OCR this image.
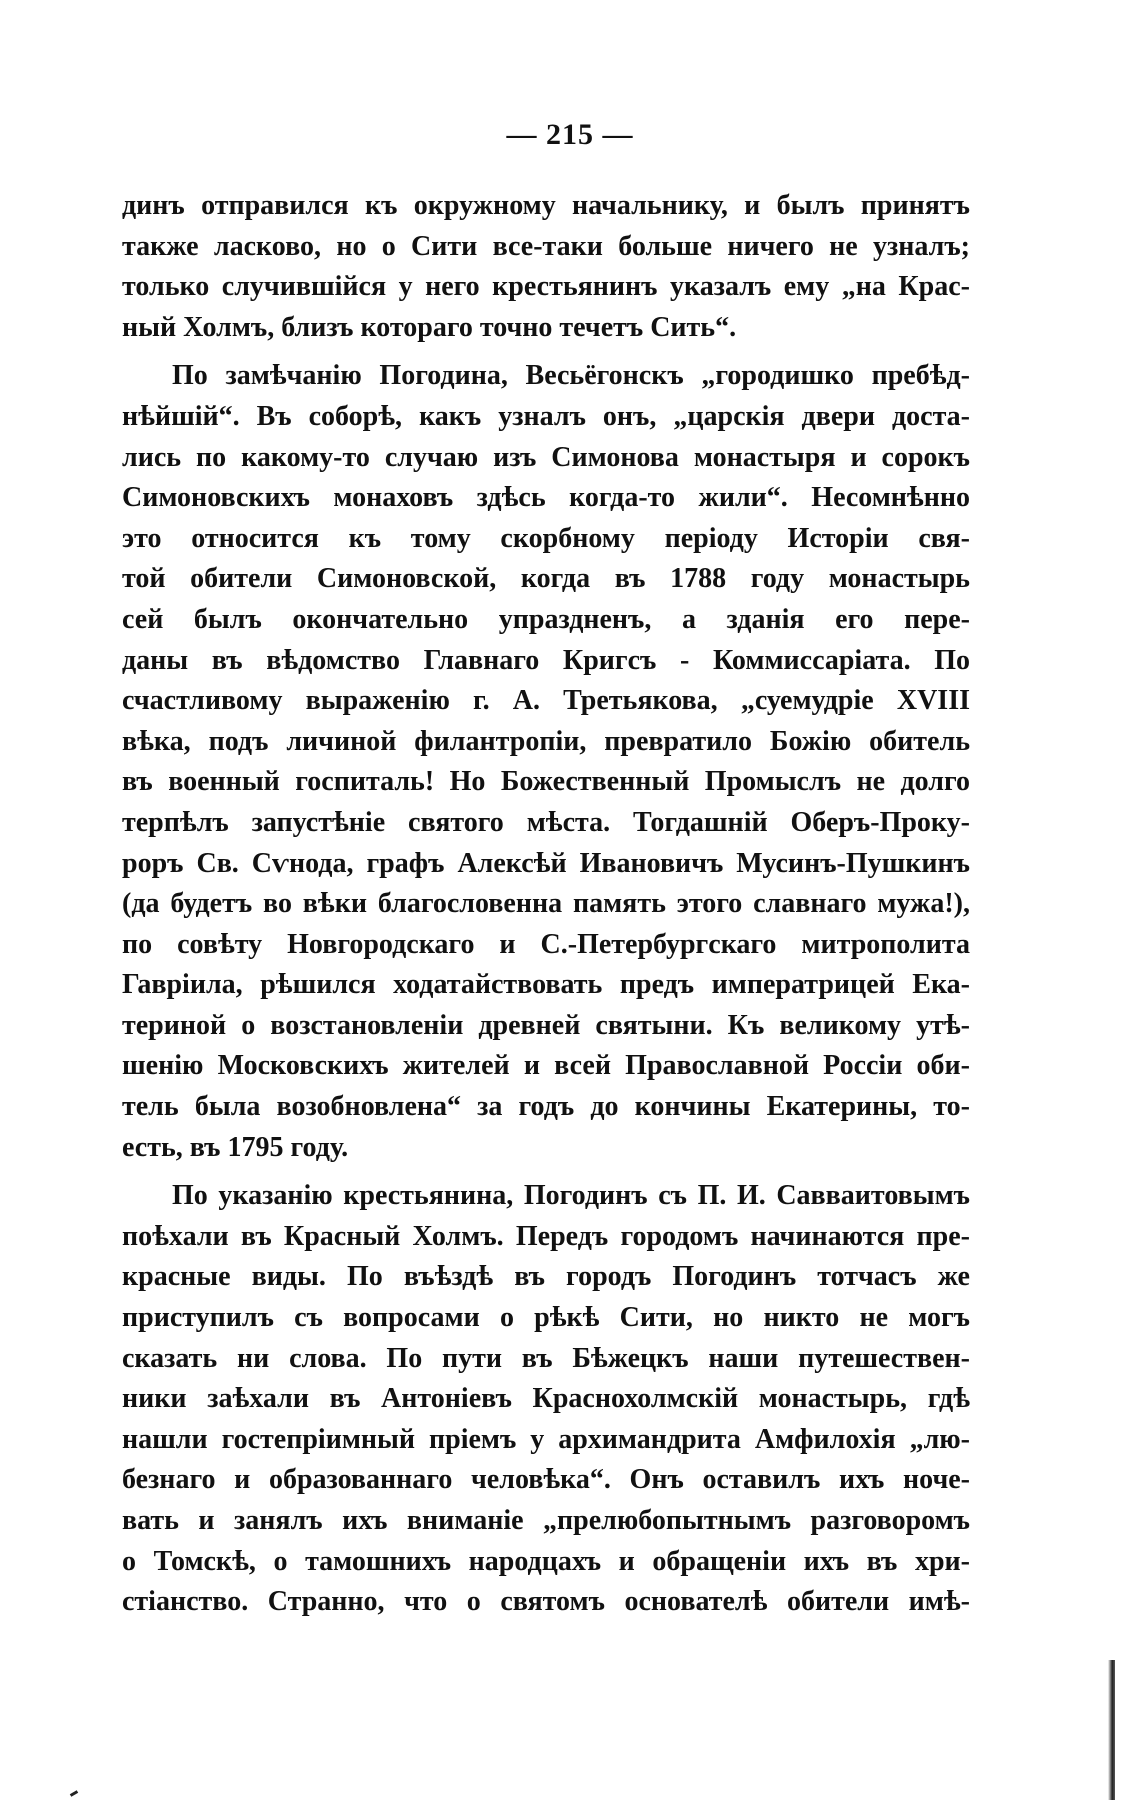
— 215 —
динъ отправился къ окружному начальнику, и былъ принятъ
также ласково, но о Сити все-таки больше ничего не узналъ;
только случившійся у него крестьянинъ указалъ ему „на Крас-
ный Холмъ, близъ котораго точно течетъ Сить“.
По замѣчанію Погодина, Весьёгонскъ „городишко пребѣд-
нѣйшій“. Въ соборѣ, какъ узналъ онъ, „царскія двери доста-
лись по какому-то случаю изъ Симонова монастыря и сорокъ
Симоновскихъ монаховъ здѣсь когда-то жили“. Несомнѣнно
это относится къ тому скорбному періоду Исторіи свя-
той обители Симоновской, когда въ 1788 году монастырь
сей былъ окончательно упраздненъ, а зданія его пере-
даны въ вѣдомство Главнаго Кригсъ - Коммиссаріата. По
счастливому выраженію г. А. Третьякова, „суемудріе XVIII
вѣка, подъ личиной филантропіи, превратило Божію обитель
въ военный госпиталь! Но Божественный Промыслъ не долго
терпѣлъ запустѣніе святого мѣста. Тогдашній Оберъ-Проку-
роръ Св. Сѵнода, графъ Алексѣй Ивановичъ Мусинъ-Пушкинъ
(да будетъ во вѣки благословенна память этого славнаго мужа!),
по совѣту Новгородскаго и С.-Петербургскаго митрополита
Гавріила, рѣшился ходатайствовать предъ императрицей Ека-
териной о возстановленіи древней святыни. Къ великому утѣ-
шенію Московскихъ жителей и всей Православной Россіи оби-
тель была возобновлена“ за годъ до кончины Екатерины, то-
есть, въ 1795 году.
По указанію крестьянина, Погодинъ съ П. И. Савваитовымъ
поѣхали въ Красный Холмъ. Передъ городомъ начинаются пре-
красные виды. По въѣздѣ въ городъ Погодинъ тотчасъ же
приступилъ съ вопросами о рѣкѣ Сити, но никто не могъ
сказать ни слова. По пути въ Бѣжецкъ наши путешествен-
ники заѣхали въ Антоніевъ Краснохолмскій монастырь, гдѣ
нашли гостепріимный пріемъ у архимандрита Амфилохія „лю-
безнаго и образованнаго человѣка“. Онъ оставилъ ихъ ноче-
вать и занялъ ихъ вниманіе „прелюбопытнымъ разговоромъ
о Томскѣ, о тамошнихъ народцахъ и обращеніи ихъ въ хри-
стіанство. Странно, что о святомъ основателѣ обители имѣ-
